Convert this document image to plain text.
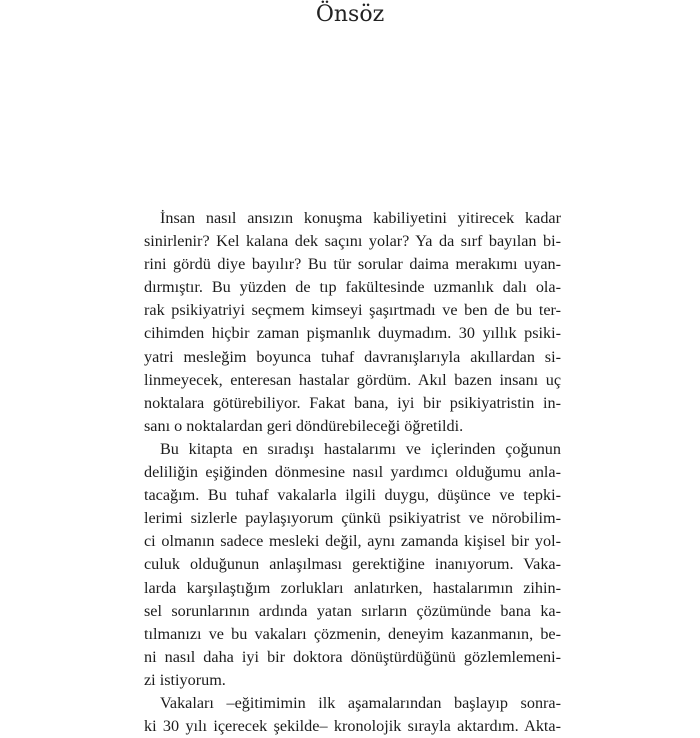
Önsöz
İnsan nasıl ansızın konuşma kabiliyetini yitirecek kadar
sinirlenir? Kel kalana dek saçını yolar? Ya da sırf bayılan bi-
rini gördü diye bayılır? Bu tür sorular daima merakımı uyan-
dırmıştır. Bu yüzden de tıp fakültesinde uzmanlık dalı ola-
rak psikiyatriyi seçmem kimseyi şaşırtmadı ve ben de bu ter-
cihimden hiçbir zaman pişmanlık duymadım. 30 yıllık psiki-
yatri mesleğim boyunca tuhaf davranışlarıyla akıllardan si-
linmeyecek, enteresan hastalar gördüm. Akıl bazen insanı uç
noktalara götürebiliyor. Fakat bana, iyi bir psikiyatristin in-
sanı o noktalardan geri döndürebileceği öğretildi.
Bu kitapta en sıradışı hastalarımı ve içlerinden çoğunun
deliliğin eşiğinden dönmesine nasıl yardımcı olduğumu anla-
tacağım. Bu tuhaf vakalarla ilgili duygu, düşünce ve tepki-
lerimi sizlerle paylaşıyorum çünkü psikiyatrist ve nörobilim-
ci olmanın sadece mesleki değil, aynı zamanda kişisel bir yol-
culuk olduğunun anlaşılması gerektiğine inanıyorum. Vaka-
larda karşılaştığım zorlukları anlatırken, hastalarımın zihin-
sel sorunlarının ardında yatan sırların çözümünde bana ka-
tılmanızı ve bu vakaları çözmenin, deneyim kazanmanın, be-
ni nasıl daha iyi bir doktora dönüştürdüğünü gözlemlemeni-
zi istiyorum.
Vakaları –eğitimimin ilk aşamalarından başlayıp sonra-
ki 30 yılı içerecek şekilde– kronolojik sırayla aktardım. Akta-
